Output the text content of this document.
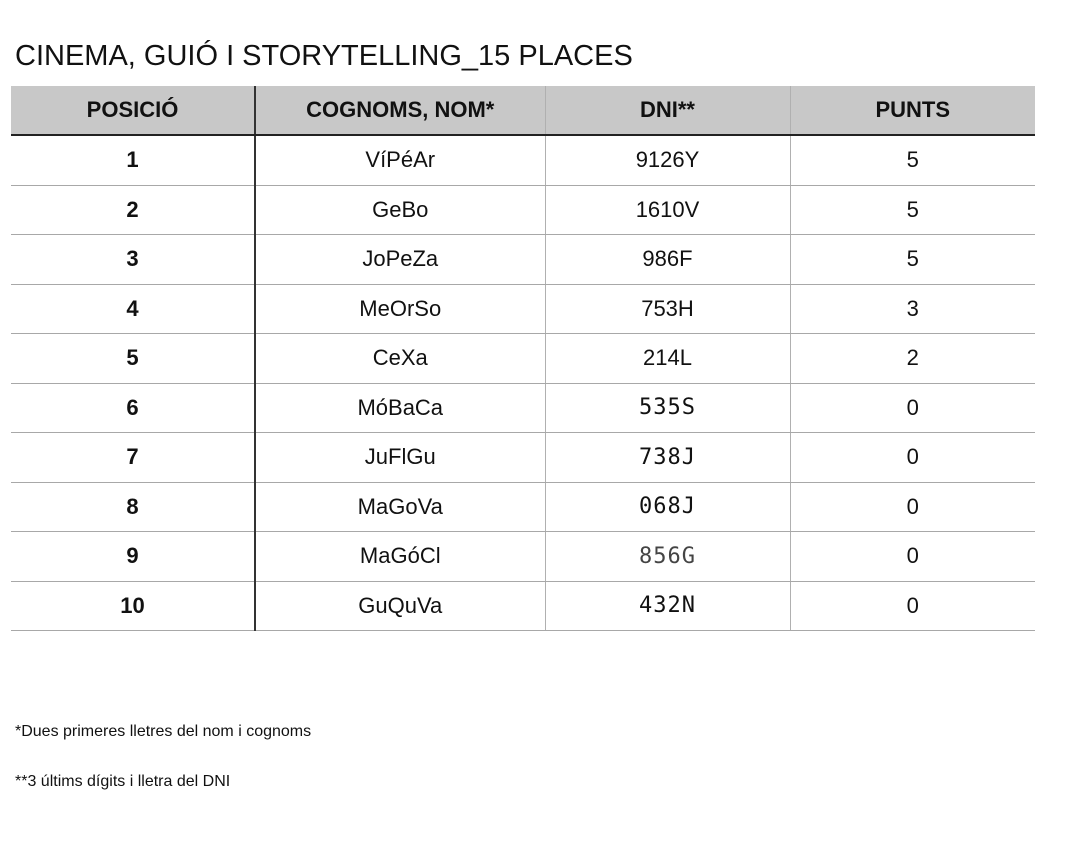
CINEMA, GUIÓ I STORYTELLING_15 PLACES
POSICIÓ	COGNOMS, NOM*	DNI**	PUNTS
1	VíPéAr	9126Y	5
2	GeBo	1610V	5
3	JoPeZa	986F	5
4	MeOrSo	753H	3
5	CeXa	214L	2
6	MóBaCa	535S	0
7	JuFlGu	738J	0
8	MaGoVa	068J	0
9	MaGóCl	856G	0
10	GuQuVa	432N	0
*Dues primeres lletres del nom i cognoms
**3 últims dígits i lletra del DNI
